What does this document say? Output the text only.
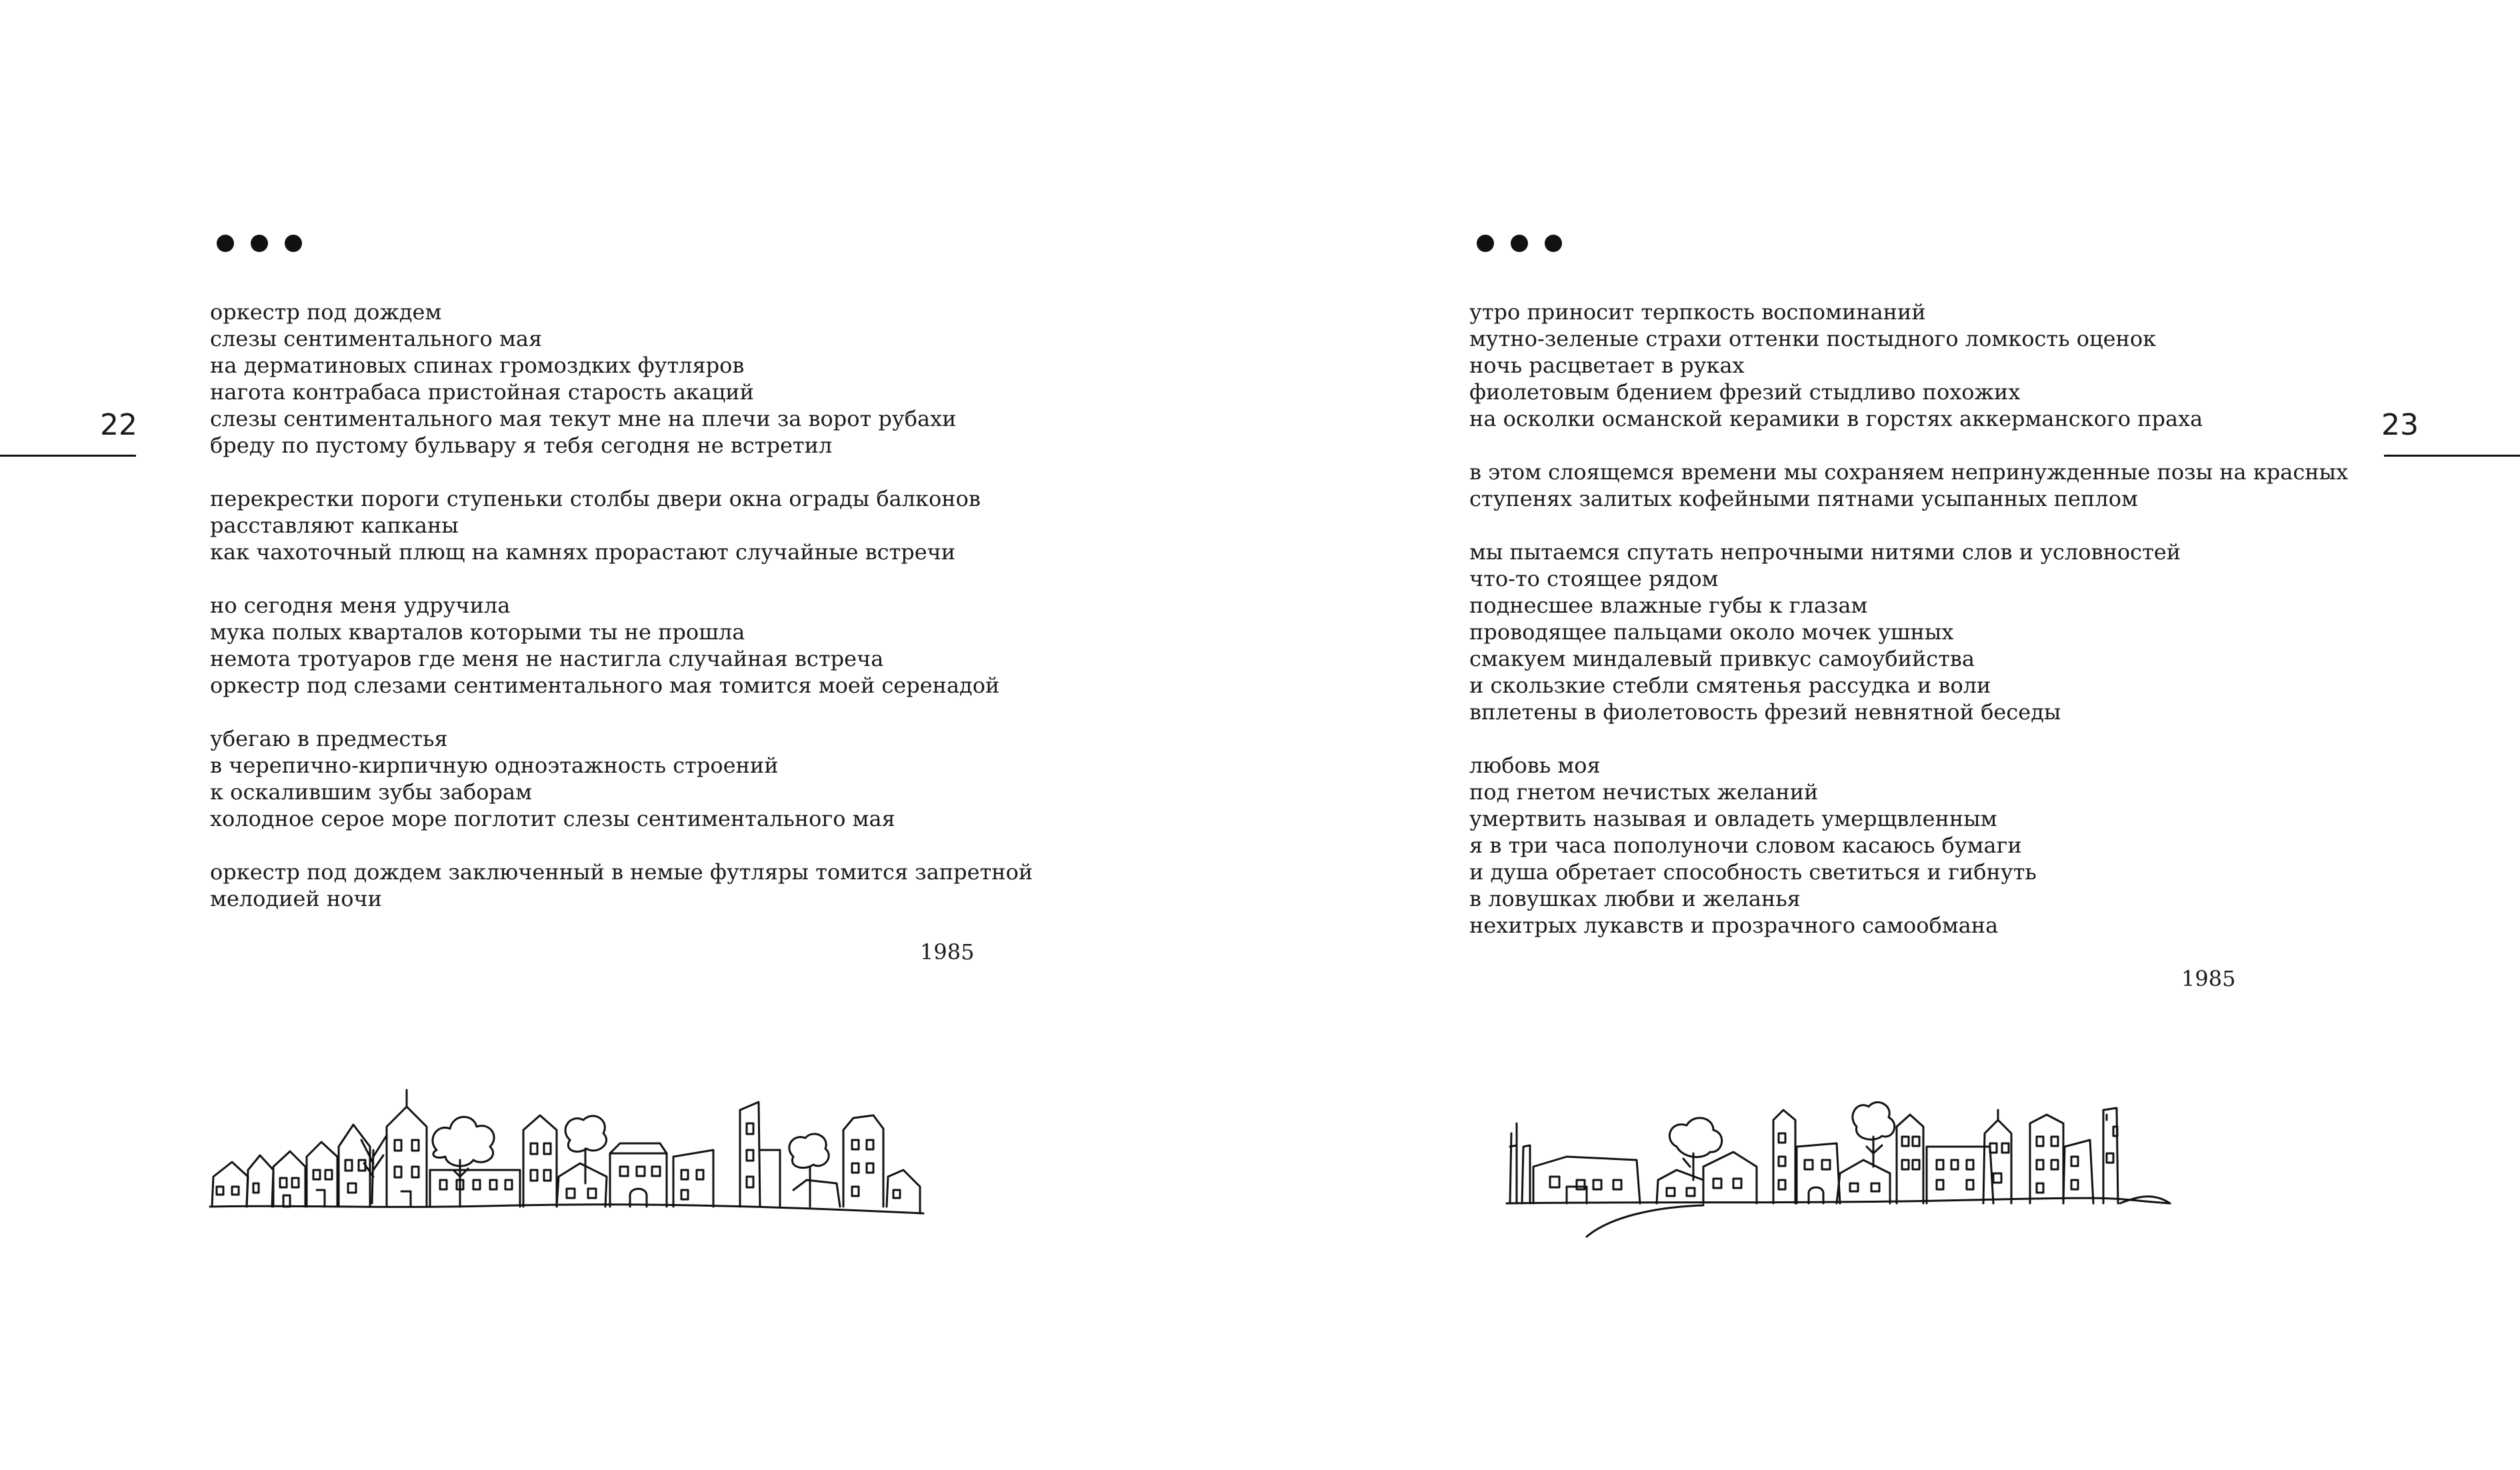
22
оркестр под дождем
слезы сентиментального мая
на дерматиновых спинах громоздких футляров
нагота контрабаса пристойная старость акаций
слезы сентиментального мая текут мне на плечи за ворот рубахи
бреду по пустому бульвару я тебя сегодня не встретил
перекрестки пороги ступеньки столбы двери окна ограды балконов
расставляют капканы
как чахоточный плющ на камнях прорастают случайные встречи
но сегодня меня удручила
мука полых кварталов которыми ты не прошла
немота тротуаров где меня не настигла случайная встреча
оркестр под слезами сентиментального мая томится моей серенадой
убегаю в предместья
в черепично-кирпичную одноэтажность строений
к оскалившим зубы заборам
холодное серое море поглотит слезы сентиментального мая
оркестр под дождем заключенный в немые футляры томится запретной
мелодией ночи
1985
23
утро приносит терпкость воспоминаний
мутно-зеленые страхи оттенки постыдного ломкость оценок
ночь расцветает в руках
фиолетовым бдением фрезий стыдливо похожих
на осколки османской керамики в горстях аккерманского праха
в этом слоящемся времени мы сохраняем непринужденные позы на красных
ступенях залитых кофейными пятнами усыпанных пеплом
мы пытаемся спутать непрочными нитями слов и условностей
что-то стоящее рядом
поднесшее влажные губы к глазам
проводящее пальцами около мочек ушных
смакуем миндалевый привкус самоубийства
и скользкие стебли смятенья рассудка и воли
вплетены в фиолетовость фрезий невнятной беседы
любовь моя
под гнетом нечистых желаний
умертвить называя и овладеть умерщвленным
я в три часа пополуночи словом касаюсь бумаги
и душа обретает способность светиться и гибнуть
в ловушках любви и желанья
нехитрых лукавств и прозрачного самообмана
1985
